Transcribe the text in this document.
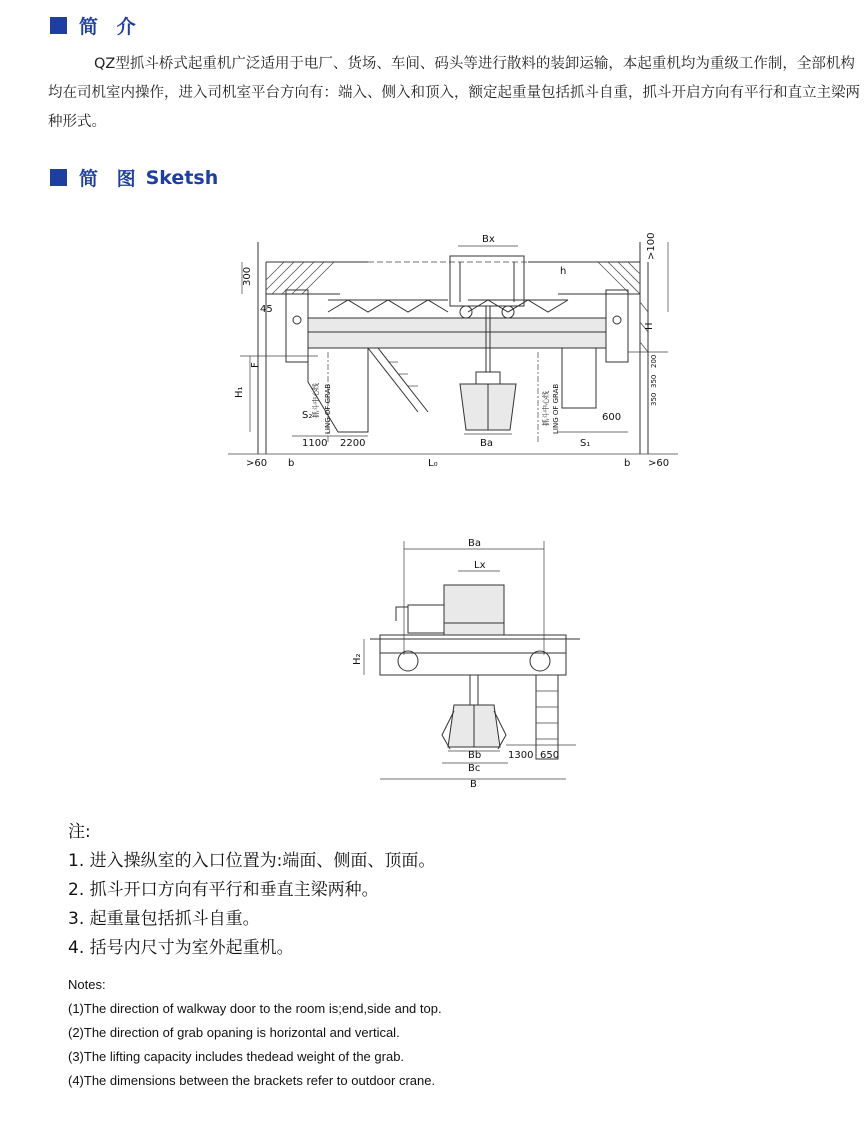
简 介
QZ型抓斗桥式起重机广泛适用于电厂、货场、车间、码头等进行散料的装卸运输，本起重机均为重级工作制，全部机构均在司机室内操作，进入司机室平台方向有：端入、侧入和顶入，额定起重量包括抓斗自重，抓斗开启方向有平行和直立主梁两种形式。
简 图 Sketsh
Bx
h
>100
300
45
H
F
H₁
S₂ 抓斗中心线 LING OF GRAB
1100 2200
>60 b	L₀	b >60
Ba	S₁
600
抓斗中心线 LING OF GRAB
200
350
350
Ba
Lx
H₂
Bb
Bc
B
1300 650
注:
1. 进入操纵室的入口位置为:端面、侧面、顶面。
2. 抓斗开口方向有平行和垂直主梁两种。
3. 起重量包括抓斗自重。
4. 括号内尺寸为室外起重机。
Notes:
(1)The direction of walkway door to the room is;end,side and top.
(2)The direction of grab opaning is horizontal and vertical.
(3)The lifting capacity includes thedead weight of the grab.
(4)The dimensions between the brackets refer to outdoor crane.
